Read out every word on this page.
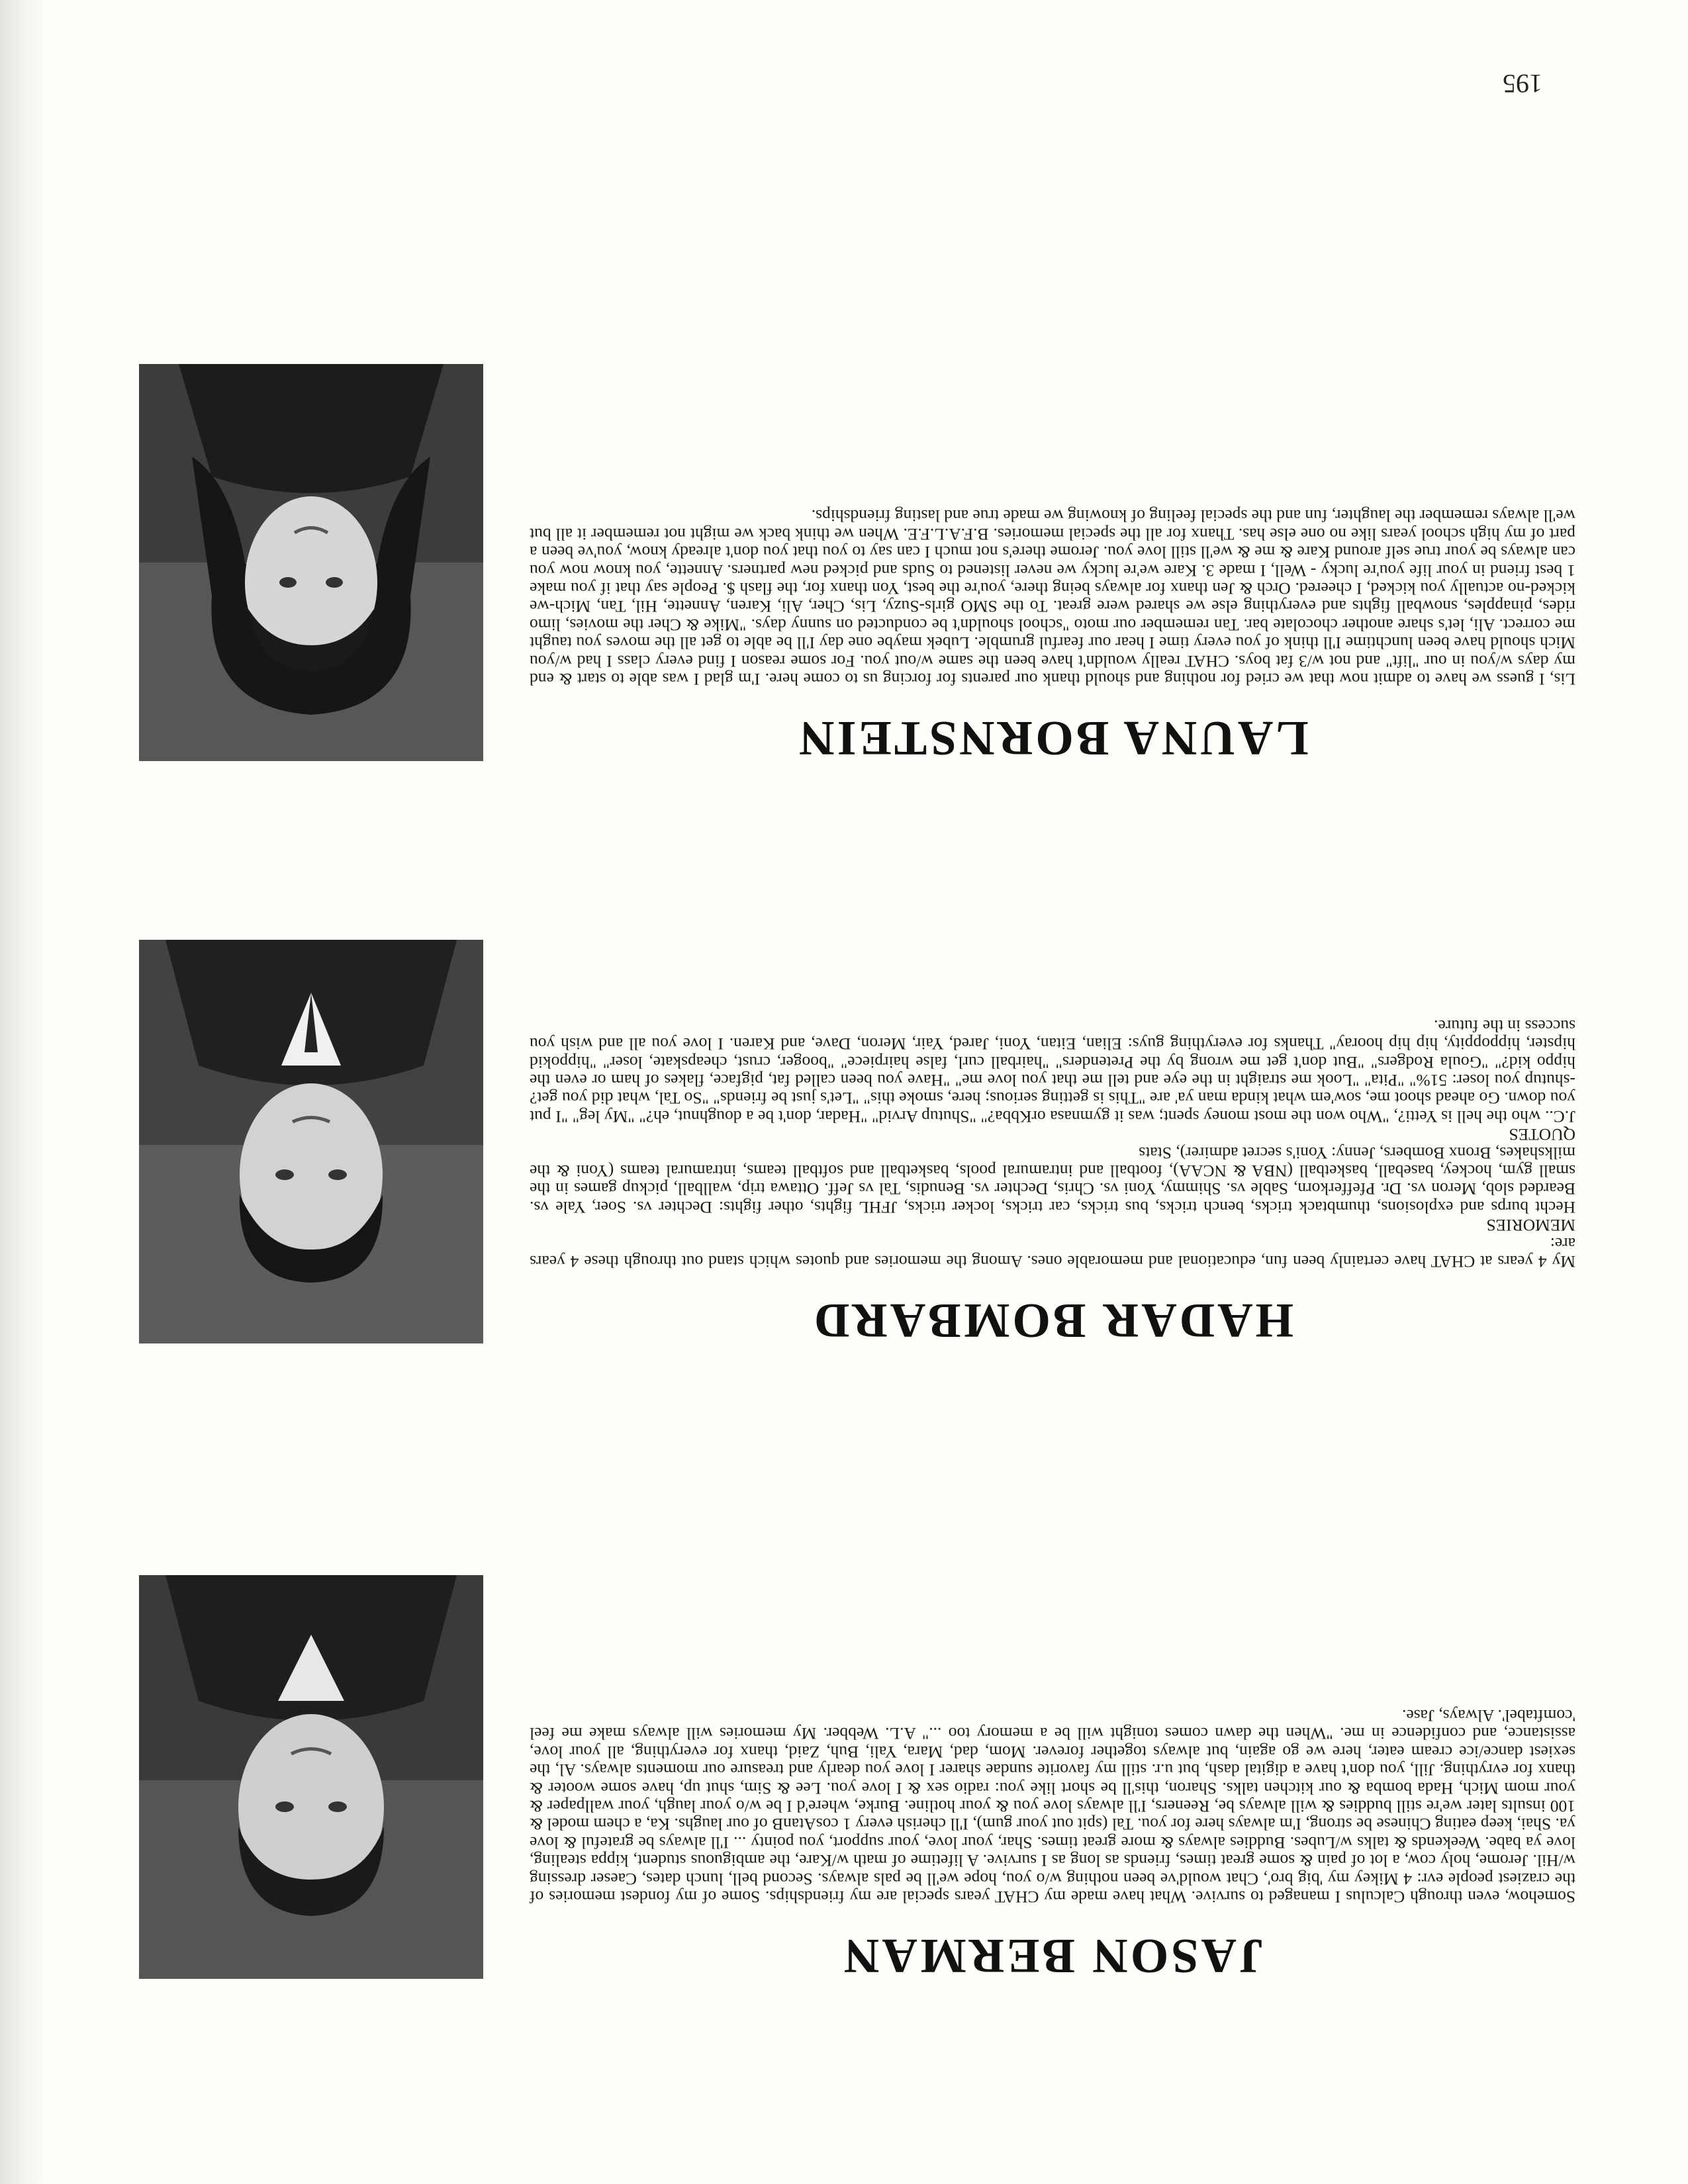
JASON BERMAN

Somehow, even through Calculus I managed to survive. What have made my CHAT years special are my friendships. Some of my fondest memories of the craziest people evr: 4 Mikey my 'big bro', Chat would've been nothing w/o you, hope we'll be pals always. Second bell, lunch dates, Caeser dressing w/Hil. Jerome, holy cow, a lot of pain & some great times, friends as long as I survive. A lifetime of math w/Kare, the ambiguous student, kippa stealing, love ya babe. Weekends & talks w/Lubes. Buddies always & more great times. Shar, your love, your support, you pointy ... I'll always be grateful & love ya. Shai, keep eating Chinese be strong, I'm always here for you. Tal (spit out your gum), I'll cherish every 1 cosAtanB of our laughs. Ka, a chem model & 100 insults later we're still buddies & will always be, Reeners, I'll always love you & your hotline. Burke, where'd I be w/o your laugh, your wallpaper & your mom Mich, Hada bomba & our kitchen talks. Sharon, this'll be short like you: radio sex & I love you. Lee & Sim, shut up, have some wooter & thanx for evrything. Jill, you don't have a digital dash, but u.r. still my favorite sundae sharer I love you dearly and treasure our moments always. Al, the sexiest dance/ice cream eater, here we go again, but always together forever. Mom, dad, Mara, Yali, Buh, Zaid, thanx for everything, all your love, assistance, and confidence in me. "When the dawn comes tonight will be a memory too ..." A.L. Webber. My memories will always make me feel 'comftabel'. Always, Jase.

HADAR BOMBARD

My 4 years at CHAT have certainly been fun, educational and memorable ones. Among the memories and quotes which stand out through these 4 years are:

MEMORIES

Hecht burps and explosions, thumbtack tricks, bench tricks, bus tricks, car tricks, locker tricks, JFHL fights, other fights: Dechter vs. Soer, Yale vs. Bearded slob, Meron vs. Dr. Pfefferkorn, Sable vs. Shimmy, Yoni vs. Chris, Dechter vs. Benudis, Tal vs Jeff. Ottawa trip, wallball, pickup games in the small gym, hockey, baseball, basketball (NBA & NCAA), football and intramural pools, basketball and softball teams, intramural teams (Yoni & the milkshakes, Bronx Bombers, Jenny: Yoni's secret admirer), Stats

QUOTES

J.C.. who the hell is Yetti?, "Who won the most money spent; was it gymnasa orKbba?" "Shutup Arvid" "Hadar, don't be a doughnut, eh?" "My leg" "I put you down. Go ahead shoot me, sow'em what kinda man ya' are "This is getting serious; here, smoke this" "Let's just be friends" "So Tal, what did you get?-shutup you loser: 51%" "Pita" "Look me straight in the eye and tell me that you love me" "Have you been called fat, pigface, flakes of ham or even the hippo kid?" "Goula Rodgers" "But don't get me wrong by the Pretenders" "hairball curl, false hairpiece" "booger, crust, cheapskate, loser" "hippokid hipster, hippoppity, hip hip hooray" Thanks for everything guys: Elian, Eitan, Yoni, Jared, Yair, Meron, Dave, and Karen. I love you all and wish you success in the future.

LAUNA BORNSTEIN

Lis, I guess we have to admit now that we cried for nothing and should thank our parents for forcing us to come here. I'm glad I was able to start & end my days w/you in our "lift" and not w/3 fat boys. CHAT really wouldn't have been the same w/out you. For some reason I find every class I had w/you Mich should have been lunchtime I'll think of you every time I hear our fearful grumble. Lubek maybe one day I'll be able to get all the moves you taught me correct. Ali, let's share another chocolate bar. Tan remember our moto "school shouldn't be conducted on sunny days. "Mike & Cher the movies, limo rides, pinapples, snowball fights and everything else we shared were great. To the SMO girls-Suzy, Lis, Cher, Ali, Karen, Annette, Hil, Tan, Mich-we kicked-no actually you kicked, I cheered. Orch & Jen thanx for always being there, you're the best, Yon thanx for, the flash $. People say that if you make 1 best friend in your life you're lucky - Well, I made 3. Kare we're lucky we never listened to Suds and picked new partners. Annette, you know now you can always be your true self around Kare & me & we'll still love you. Jerome there's not much I can say to you that you don't already know, you've been a part of my high school years like no one else has. Thanx for all the special memories. B.F.A.L.F.E. When we think back we might not remember it all but we'll always remember the laughter, fun and the special feeling of knowing we made true and lasting friendships.

195
